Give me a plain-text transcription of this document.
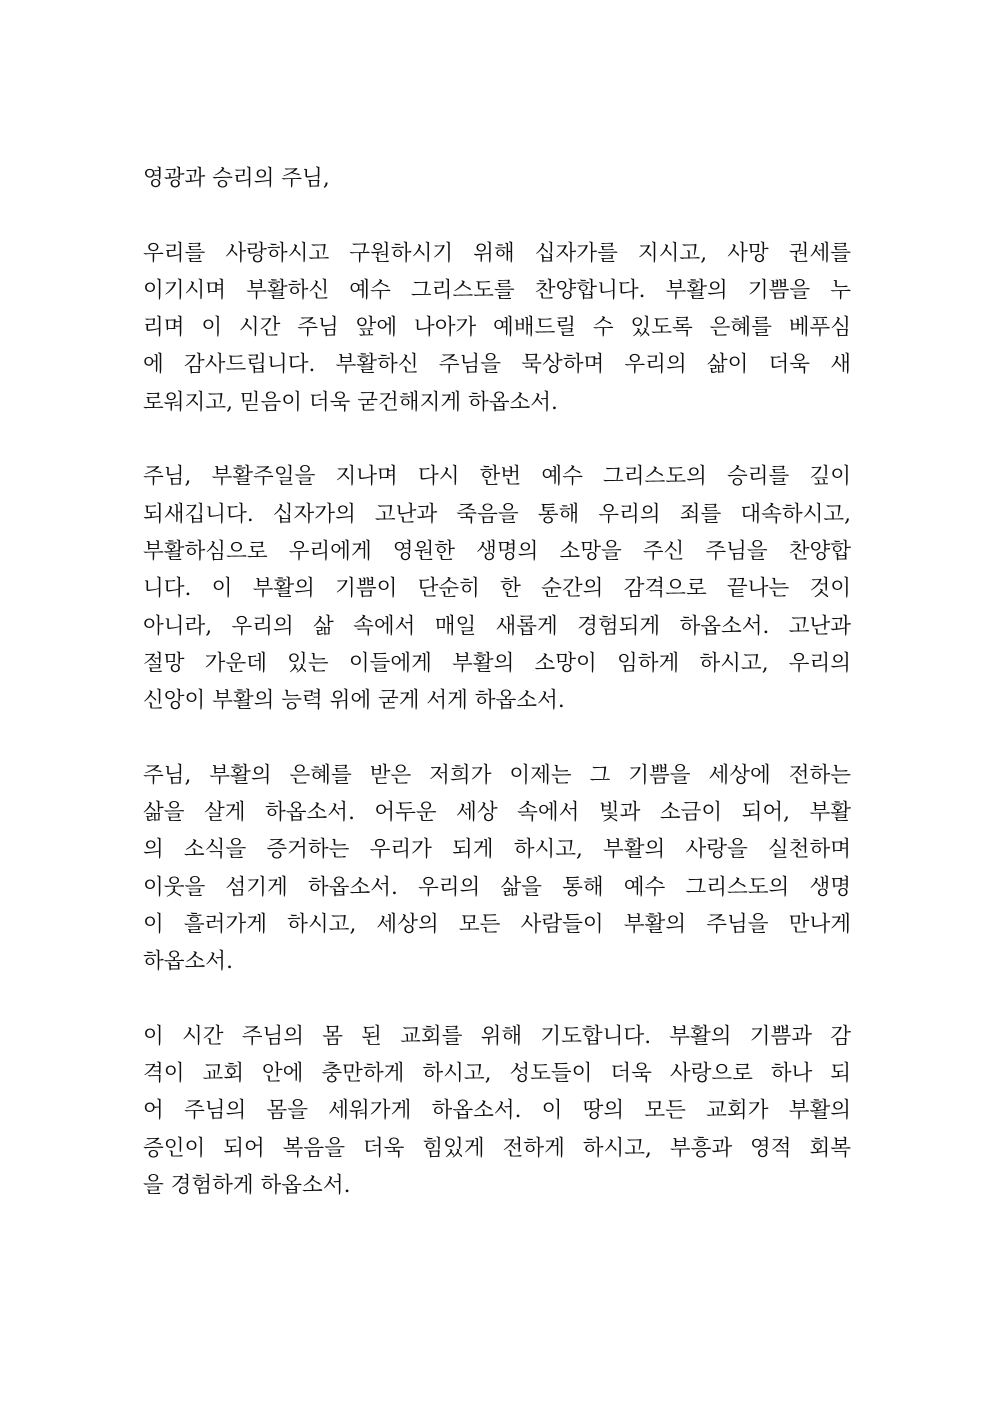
영광과 승리의 주님,
우리를 사랑하시고 구원하시기 위해 십자가를 지시고, 사망 권세를
이기시며 부활하신 예수 그리스도를 찬양합니다. 부활의 기쁨을 누
리며 이 시간 주님 앞에 나아가 예배드릴 수 있도록 은혜를 베푸심
에 감사드립니다. 부활하신 주님을 묵상하며 우리의 삶이 더욱 새
로워지고, 믿음이 더욱 굳건해지게 하옵소서.
주님, 부활주일을 지나며 다시 한번 예수 그리스도의 승리를 깊이
되새깁니다. 십자가의 고난과 죽음을 통해 우리의 죄를 대속하시고,
부활하심으로 우리에게 영원한 생명의 소망을 주신 주님을 찬양합
니다. 이 부활의 기쁨이 단순히 한 순간의 감격으로 끝나는 것이
아니라, 우리의 삶 속에서 매일 새롭게 경험되게 하옵소서. 고난과
절망 가운데 있는 이들에게 부활의 소망이 임하게 하시고, 우리의
신앙이 부활의 능력 위에 굳게 서게 하옵소서.
주님, 부활의 은혜를 받은 저희가 이제는 그 기쁨을 세상에 전하는
삶을 살게 하옵소서. 어두운 세상 속에서 빛과 소금이 되어, 부활
의 소식을 증거하는 우리가 되게 하시고, 부활의 사랑을 실천하며
이웃을 섬기게 하옵소서. 우리의 삶을 통해 예수 그리스도의 생명
이 흘러가게 하시고, 세상의 모든 사람들이 부활의 주님을 만나게
하옵소서.
이 시간 주님의 몸 된 교회를 위해 기도합니다. 부활의 기쁨과 감
격이 교회 안에 충만하게 하시고, 성도들이 더욱 사랑으로 하나 되
어 주님의 몸을 세워가게 하옵소서. 이 땅의 모든 교회가 부활의
증인이 되어 복음을 더욱 힘있게 전하게 하시고, 부흥과 영적 회복
을 경험하게 하옵소서.
